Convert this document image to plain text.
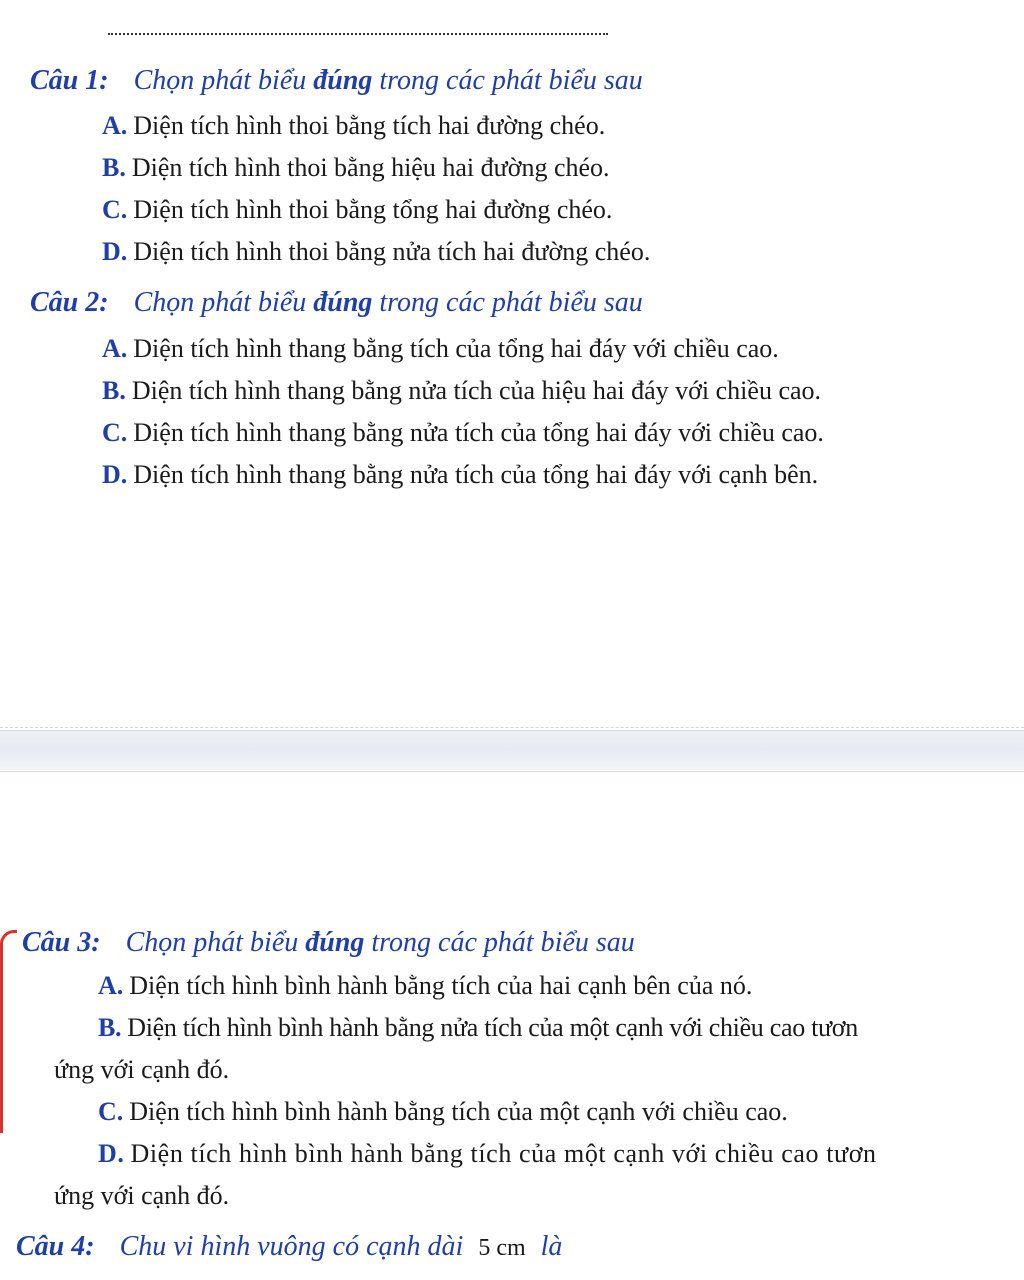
Câu 1: Chọn phát biểu đúng trong các phát biểu sau
A. Diện tích hình thoi bằng tích hai đường chéo.
B. Diện tích hình thoi bằng hiệu hai đường chéo.
C. Diện tích hình thoi bằng tổng hai đường chéo.
D. Diện tích hình thoi bằng nửa tích hai đường chéo.
Câu 2: Chọn phát biểu đúng trong các phát biểu sau
A. Diện tích hình thang bằng tích của tổng hai đáy với chiều cao.
B. Diện tích hình thang bằng nửa tích của hiệu hai đáy với chiều cao.
C. Diện tích hình thang bằng nửa tích của tổng hai đáy với chiều cao.
D. Diện tích hình thang bằng nửa tích của tổng hai đáy với cạnh bên.
Câu 3: Chọn phát biểu đúng trong các phát biểu sau
A. Diện tích hình bình hành bằng tích của hai cạnh bên của nó.
B. Diện tích hình bình hành bằng nửa tích của một cạnh với chiều cao tươn
ứng với cạnh đó.
C. Diện tích hình bình hành bằng tích của một cạnh với chiều cao.
D. Diện tích hình bình hành bằng tích của một cạnh với chiều cao tươn
ứng với cạnh đó.
Câu 4: Chu vi hình vuông có cạnh dài 5 cm là
